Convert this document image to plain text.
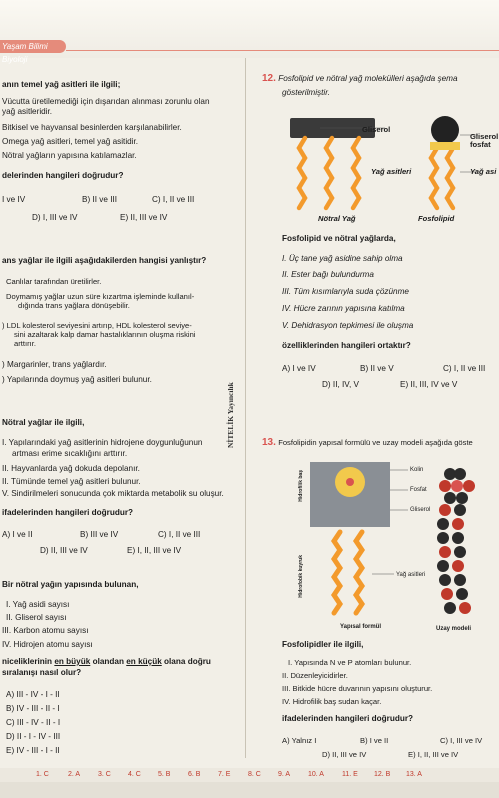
Yaşam Bilimi Biyoloji
anın temel yağ asitleri ile ilgili;
Vücutta üretilemediği için dışarıdan alınması zorunlu olan
yağ asitleridir.
Bitkisel ve hayvansal besinlerden karşılanabilirler.
Omega yağ asitleri, temel yağ asitidir.
Nötral yağların yapısına katılamazlar.
delerinden hangileri doğrudur?
I ve IV	B) II ve III	C) I, II ve III
D) I, III ve IV	E) II, III ve IV
ans yağlar ile ilgili aşağıdakilerden hangisi yanlıştır?
Canlılar tarafından üretilirler.
Doymamış yağlar uzun süre kızartma işleminde kullanıl-
dığında trans yağlara dönüşebilir.
) LDL kolesterol seviyesini artırıp, HDL kolesterol seviye-
sini azaltarak kalp damar hastalıklarının oluşma riskini
arttırır.
) Margarinler, trans yağlardır.
) Yapılarında doymuş yağ asitleri bulunur.
Nötral yağlar ile ilgili,
I. Yapılarındaki yağ asitlerinin hidrojene doygunluğunun
artması erime sıcaklığını arttırır.
II. Hayvanlarda yağ dokuda depolanır.
II. Tümünde temel yağ asitleri bulunur.
V. Sindirilmeleri sonucunda çok miktarda metabolik su oluşur.
ifadelerinden hangileri doğrudur?
A) I ve II	B) III ve IV	C) I, II ve III
D) II, III ve IV	E) I, II, III ve IV
Bir nötral yağın yapısında bulunan,
I. Yağ asidi sayısı
II. Gliserol sayısı
III. Karbon atomu sayısı
IV. Hidrojen atomu sayısı
niceliklerinin en büyük olandan en küçük olana doğru
sıralanışı nasıl olur?
A) III - IV - I - II
B) IV - III - II - I
C) III - IV - II - I
D) II - I - IV - III
E) IV - III - I - II
NİTELİK Yayıncılık
12. Fosfolipid ve nötral yağ molekülleri aşağıda şema
gösterilmiştir.
Gliserol
Gliserol fosfat
Yağ asitleri	Yağ asi
Nötral Yağ	Fosfolipid
Fosfolipid ve nötral yağlarda,
I. Üç tane yağ asidine sahip olma
II. Ester bağı bulundurma
III. Tüm kısımlarıyla suda çözünme
IV. Hücre zarının yapısına katılma
V. Dehidrasyon tepkimesi ile oluşma
özelliklerinden hangileri ortaktır?
A) I ve IV	B) II ve V	C) I, II ve III
D) II, IV, V	E) II, III, IV ve V
13. Fosfolipidin yapısal formülü ve uzay modeli aşağıda göste
Hidrofilik baş
Hidrofobik kuyruk
Kolin
Fosfat
Gliserol
Yağ asitleri
Yapısal formül	Uzay modeli
Fosfolipidler ile ilgili,
I. Yapısında N ve P atomları bulunur.
II. Düzenleyicidirler.
III. Bitkide hücre duvarının yapısını oluşturur.
IV. Hidrofilik baş sudan kaçar.
ifadelerinden hangileri doğrudur?
A) Yalnız I	B) I ve II	C) I, III ve IV
D) II, III ve IV	E) I, II, III ve IV
1. C	2. A	3. C 4. C 5. B	6. B	7. E	8. C 9. A	10. A	11. E 12. B 13. A
